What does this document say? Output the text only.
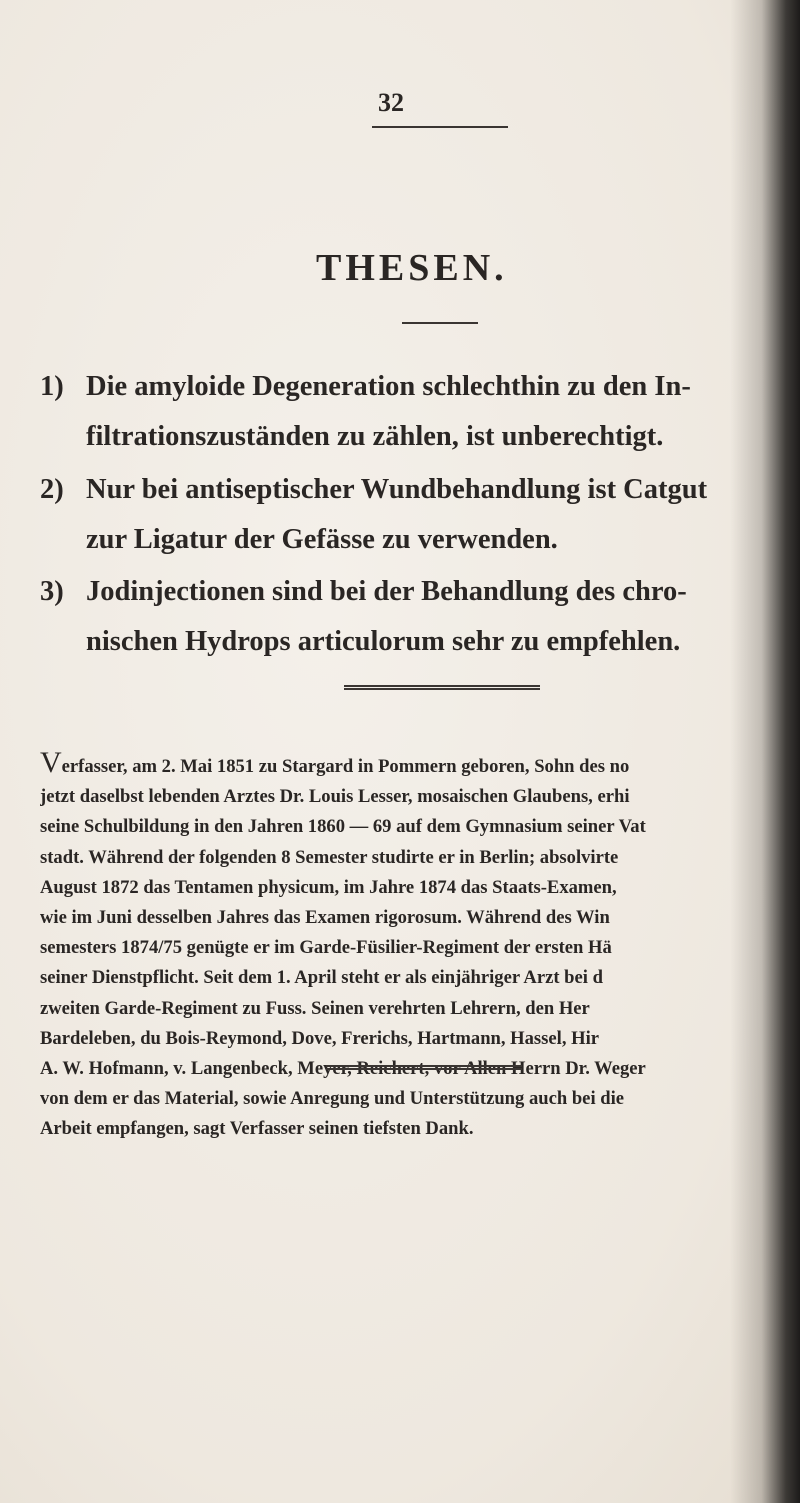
32
THESEN.
1) Die amyloide Degeneration schlechthin zu den In-
filtrationszuständen zu zählen, ist unberechtigt.
2) Nur bei antiseptischer Wundbehandlung ist Catgut
zur Ligatur der Gefässe zu verwenden.
3) Jodinjectionen sind bei der Behandlung des chro-
nischen Hydrops articulorum sehr zu empfehlen.
Verfasser, am 2. Mai 1851 zu Stargard in Pommern geboren, Sohn des no
jetzt daselbst lebenden Arztes Dr. Louis Lesser, mosaischen Glaubens, erhi
seine Schulbildung in den Jahren 1860 — 69 auf dem Gymnasium seiner Vat
stadt. Während der folgenden 8 Semester studirte er in Berlin; absolvirte
August 1872 das Tentamen physicum, im Jahre 1874 das Staats-Examen,
wie im Juni desselben Jahres das Examen rigorosum. Während des Win
semesters 1874/75 genügte er im Garde-Füsilier-Regiment der ersten Hä
seiner Dienstpflicht. Seit dem 1. April steht er als einjähriger Arzt bei d
zweiten Garde-Regiment zu Fuss. Seinen verehrten Lehrern, den Her
Bardeleben, du Bois-Reymond, Dove, Frerichs, Hartmann, Hassel, Hir
A. W. Hofmann, v. Langenbeck, Meyer, Reichert, vor Allen Herrn Dr. Weger
von dem er das Material, sowie Anregung und Unterstützung auch bei die
Arbeit empfangen, sagt Verfasser seinen tiefsten Dank.
